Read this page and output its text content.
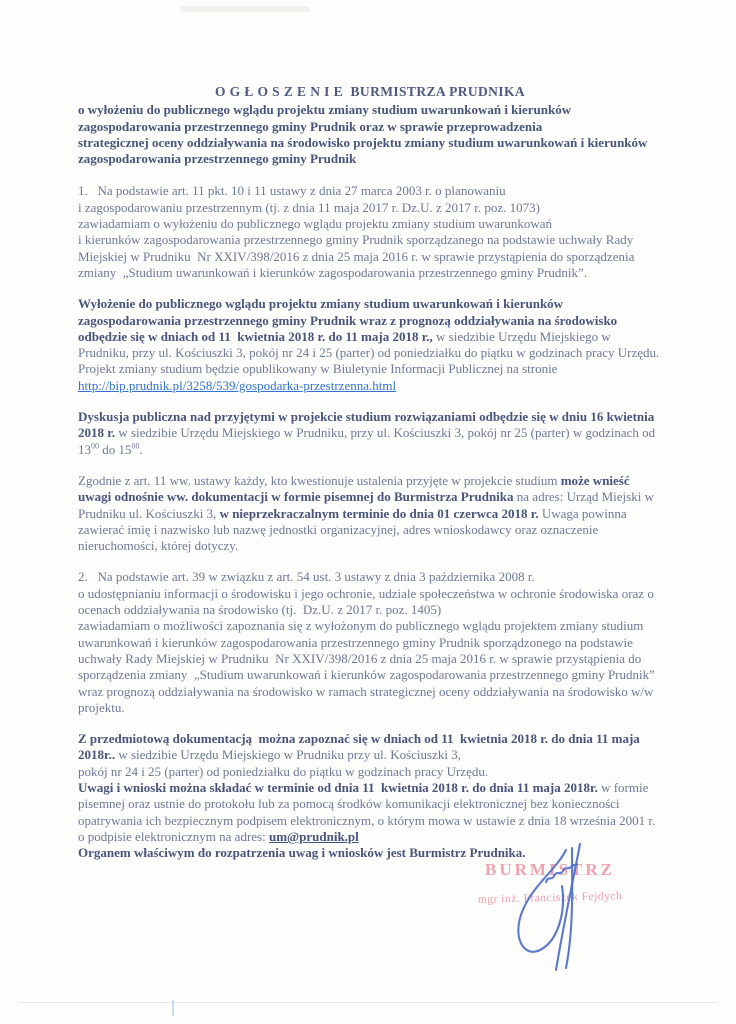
O G Ł O S Z E N I E  BURMISTRZA PRUDNIKA
o wyłożeniu do publicznego wglądu projektu zmiany studium uwarunkowań i kierunków zagospodarowania przestrzennego gminy Prudnik oraz w sprawie przeprowadzenia
strategicznej oceny oddziaływania na środowisko projektu zmiany studium uwarunkowań i kierunków zagospodarowania przestrzennego gminy Prudnik
1.   Na podstawie art. 11 pkt. 10 i 11 ustawy z dnia 27 marca 2003 r. o planowaniu
i zagospodarowaniu przestrzennym (tj. z dnia 11 maja 2017 r. Dz.U. z 2017 r. poz. 1073)
zawiadamiam o wyłożeniu do publicznego wglądu projektu zmiany studium uwarunkowań
i kierunków zagospodarowania przestrzennego gminy Prudnik sporządzanego na podstawie uchwały Rady Miejskiej w Prudniku  Nr XXIV/398/2016 z dnia 25 maja 2016 r. w sprawie przystąpienia do sporządzenia zmiany  „Studium uwarunkowań i kierunków zagospodarowania przestrzennego gminy Prudnik”.
Wyłożenie do publicznego wglądu projektu zmiany studium uwarunkowań i kierunków zagospodarowania przestrzennego gminy Prudnik wraz z prognozą oddziaływania na środowisko odbędzie się w dniach od 11  kwietnia 2018 r. do 11 maja 2018 r., w siedzibie Urzędu Miejskiego w Prudniku, przy ul. Kościuszki 3, pokój nr 24 i 25 (parter) od poniedziałku do piątku w godzinach pracy Urzędu. Projekt zmiany studium będzie opublikowany w Biuletynie Informacji Publicznej na stronie  http://bip.prudnik.pl/3258/539/gospodarka-przestrzenna.html
Dyskusja publiczna nad przyjętymi w projekcie studium rozwiązaniami odbędzie się w dniu 16 kwietnia 2018 r. w siedzibie Urzędu Miejskiego w Prudniku, przy ul. Kościuszki 3, pokój nr 25 (parter) w godzinach od $13^{00}$ do $15^{00}$.
Zgodnie z art. 11 ww. ustawy każdy, kto kwestionuje ustalenia przyjęte w projekcie studium może wnieść uwagi odnośnie ww. dokumentacji w formie pisemnej do Burmistrza Prudnika na adres: Urząd Miejski w Prudniku ul. Kościuszki 3, w nieprzekraczalnym terminie do dnia 01 czerwca 2018 r. Uwaga powinna zawierać imię i nazwisko lub nazwę jednostki organizacyjnej, adres wnioskodawcy oraz oznaczenie nieruchomości, której dotyczy.
2.   Na podstawie art. 39 w związku z art. 54 ust. 3 ustawy z dnia 3 października 2008 r.
o udostępnianiu informacji o środowisku i jego ochronie, udziale społeczeństwa w ochronie środowiska oraz o ocenach oddziaływania na środowisko (tj.  Dz.U. z 2017 r. poz. 1405)
zawiadamiam o możliwości zapoznania się z wyłożonym do publicznego wglądu projektem zmiany studium uwarunkowań i kierunków zagospodarowania przestrzennego gminy Prudnik sporządzonego na podstawie uchwały Rady Miejskiej w Prudniku  Nr XXIV/398/2016 z dnia 25 maja 2016 r. w sprawie przystąpienia do sporządzenia zmiany  „Studium uwarunkowań i kierunków zagospodarowania przestrzennego gminy Prudnik” wraz prognozą oddziaływania na środowisko w ramach strategicznej oceny oddziaływania na środowisko w/w projektu.
Z przedmiotową dokumentacją  można zapoznać się w dniach od 11  kwietnia 2018 r. do dnia 11 maja 2018r.. w siedzibie Urzędu Miejskiego w Prudniku przy ul. Kościuszki 3,
pokój nr 24 i 25 (parter) od poniedziałku do piątku w godzinach pracy Urzędu.
Uwagi i wnioski można składać w terminie od dnia 11  kwietnia 2018 r. do dnia 11 maja 2018r. w formie pisemnej oraz ustnie do protokołu lub za pomocą środków komunikacji elektronicznej bez konieczności opatrywania ich bezpiecznym podpisem elektronicznym, o którym mowa w ustawie z dnia 18 września 2001 r. o podpisie elektronicznym na adres: um@prudnik.pl
Organem właściwym do rozpatrzenia uwag i wniosków jest Burmistrz Prudnika.
BURMISTRZ
mgr inż. Franciszek Fejdych
